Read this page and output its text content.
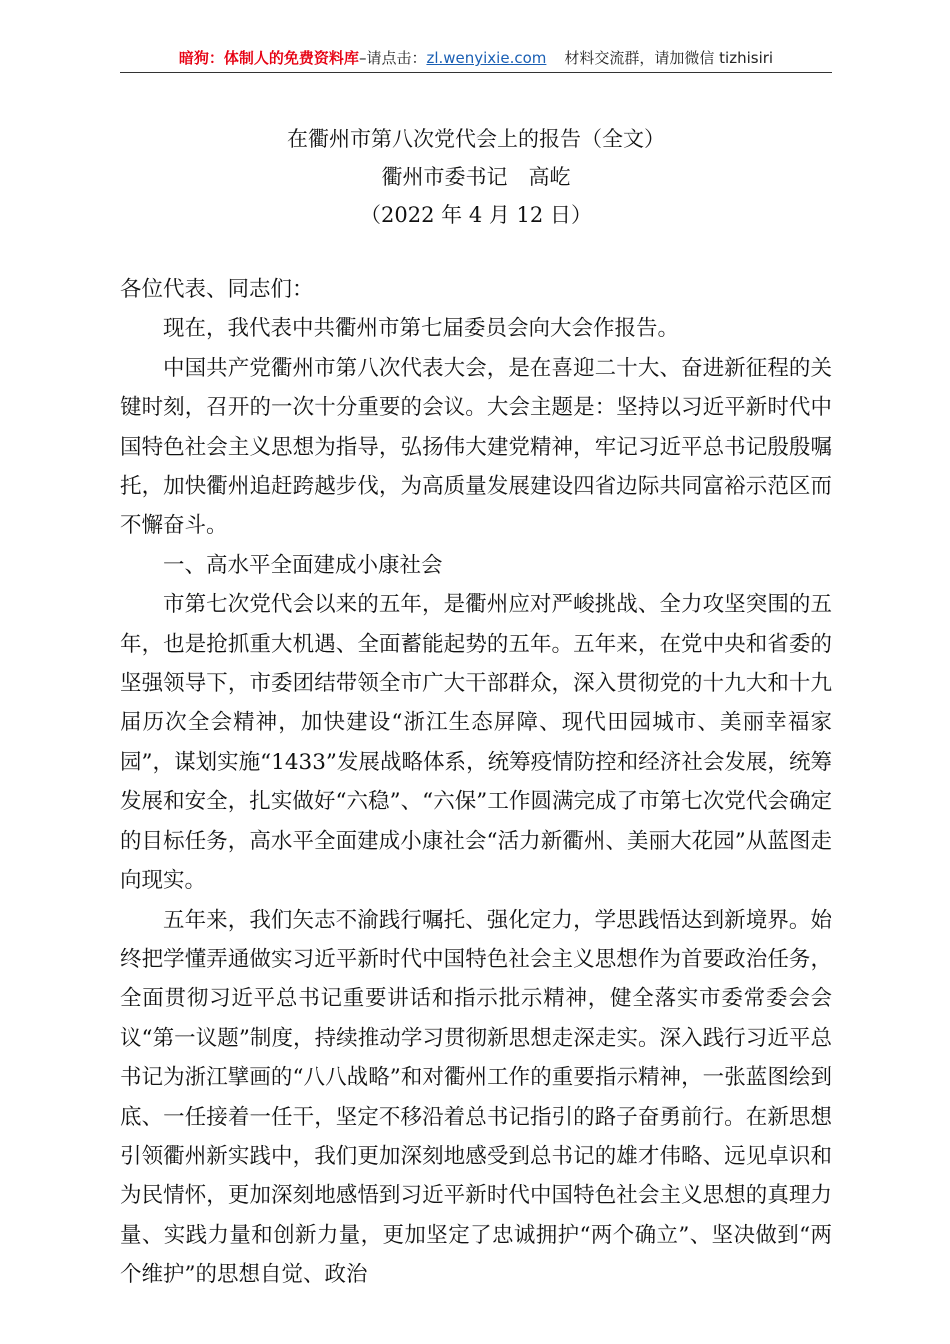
暗狗：体制人的免费资料库–请点击：zl.wenyixie.com 材料交流群，请加微信 tizhisiri
在衢州市第八次党代会上的报告（全文）
衢州市委书记　高屹
（2022 年 4 月 12 日）

各位代表、同志们：

现在，我代表中共衢州市第七届委员会向大会作报告。

中国共产党衢州市第八次代表大会，是在喜迎二十大、奋进新征程的关键时刻，召开的一次十分重要的会议。大会主题是：坚持以习近平新时代中国特色社会主义思想为指导，弘扬伟大建党精神，牢记习近平总书记殷殷嘱托，加快衢州追赶跨越步伐，为高质量发展建设四省边际共同富裕示范区而不懈奋斗。

一、高水平全面建成小康社会

市第七次党代会以来的五年，是衢州应对严峻挑战、全力攻坚突围的五年，也是抢抓重大机遇、全面蓄能起势的五年。五年来，在党中央和省委的坚强领导下，市委团结带领全市广大干部群众，深入贯彻党的十九大和十九届历次全会精神，加快建设“浙江生态屏障、现代田园城市、美丽幸福家园”，谋划实施“1433”发展战略体系，统筹疫情防控和经济社会发展，统筹发展和安全，扎实做好“六稳”、“六保”工作圆满完成了市第七次党代会确定的目标任务，高水平全面建成小康社会“活力新衢州、美丽大花园”从蓝图走向现实。

五年来，我们矢志不渝践行嘱托、强化定力，学思践悟达到新境界。始终把学懂弄通做实习近平新时代中国特色社会主义思想作为首要政治任务，全面贯彻习近平总书记重要讲话和指示批示精神，健全落实市委常委会会议“第一议题”制度，持续推动学习贯彻新思想走深走实。深入践行习近平总书记为浙江擘画的“八八战略”和对衢州工作的重要指示精神，一张蓝图绘到底、一任接着一任干，坚定不移沿着总书记指引的路子奋勇前行。在新思想引领衢州新实践中，我们更加深刻地感受到总书记的雄才伟略、远见卓识和为民情怀，更加深刻地感悟到习近平新时代中国特色社会主义思想的真理力量、实践力量和创新力量，更加坚定了忠诚拥护“两个确立”、坚决做到“两个维护”的思想自觉、政治
